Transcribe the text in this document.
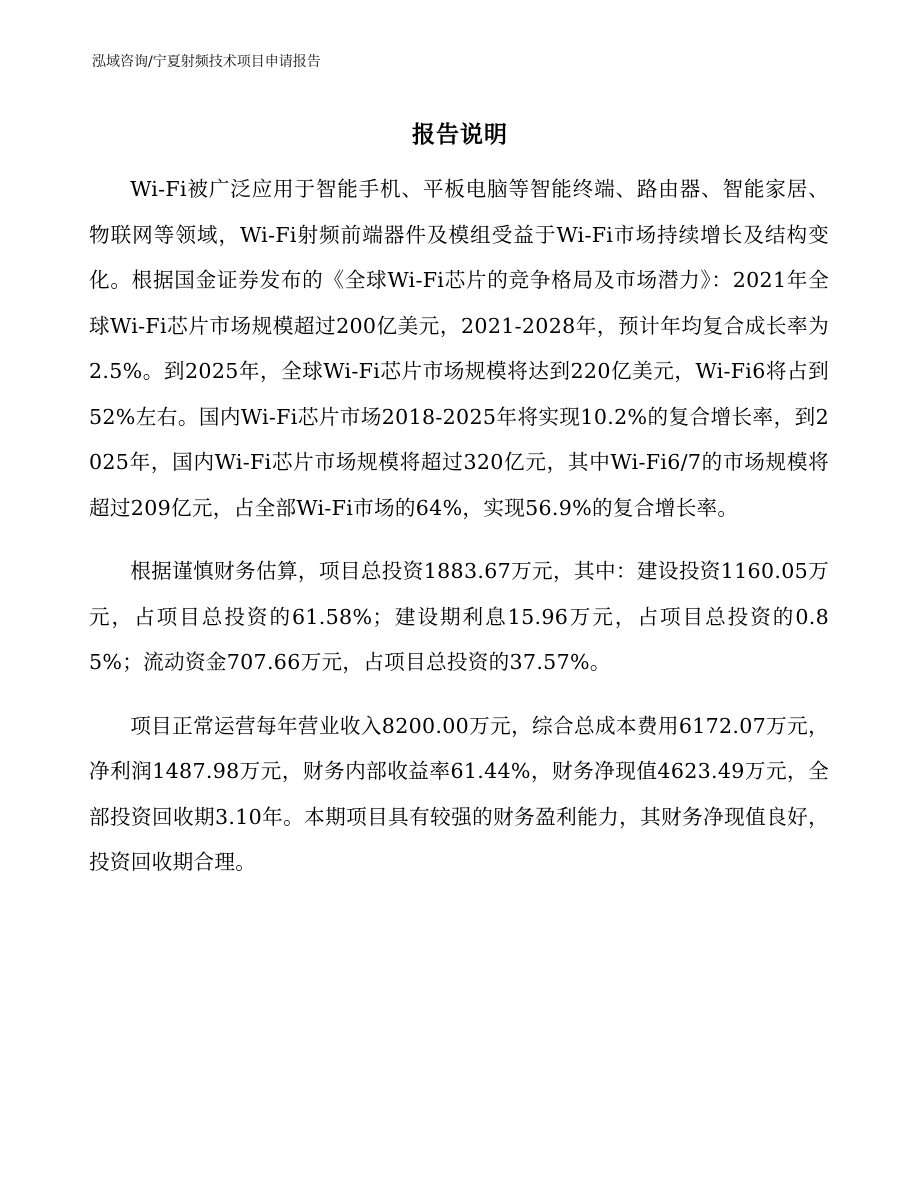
泓域咨询/宁夏射频技术项目申请报告
报告说明

Wi-Fi被广泛应用于智能手机、平板电脑等智能终端、路由器、智能家居、物联网等领域，Wi-Fi射频前端器件及模组受益于Wi-Fi市场持续增长及结构变化。根据国金证券发布的《全球Wi-Fi芯片的竞争格局及市场潜力》：2021年全球Wi-Fi芯片市场规模超过200亿美元，2021-2028年，预计年均复合成长率为2.5%。到2025年，全球Wi-Fi芯片市场规模将达到220亿美元，Wi-Fi6将占到52%左右。国内Wi-Fi芯片市场2018-2025年将实现10.2%的复合增长率，到2025年，国内Wi-Fi芯片市场规模将超过320亿元，其中Wi-Fi6/7的市场规模将超过209亿元，占全部Wi-Fi市场的64%，实现56.9%的复合增长率。

根据谨慎财务估算，项目总投资1883.67万元，其中：建设投资1160.05万元，占项目总投资的61.58%；建设期利息15.96万元，占项目总投资的0.85%；流动资金707.66万元，占项目总投资的37.57%。

项目正常运营每年营业收入8200.00万元，综合总成本费用6172.07万元，净利润1487.98万元，财务内部收益率61.44%，财务净现值4623.49万元，全部投资回收期3.10年。本期项目具有较强的财务盈利能力，其财务净现值良好，投资回收期合理。
